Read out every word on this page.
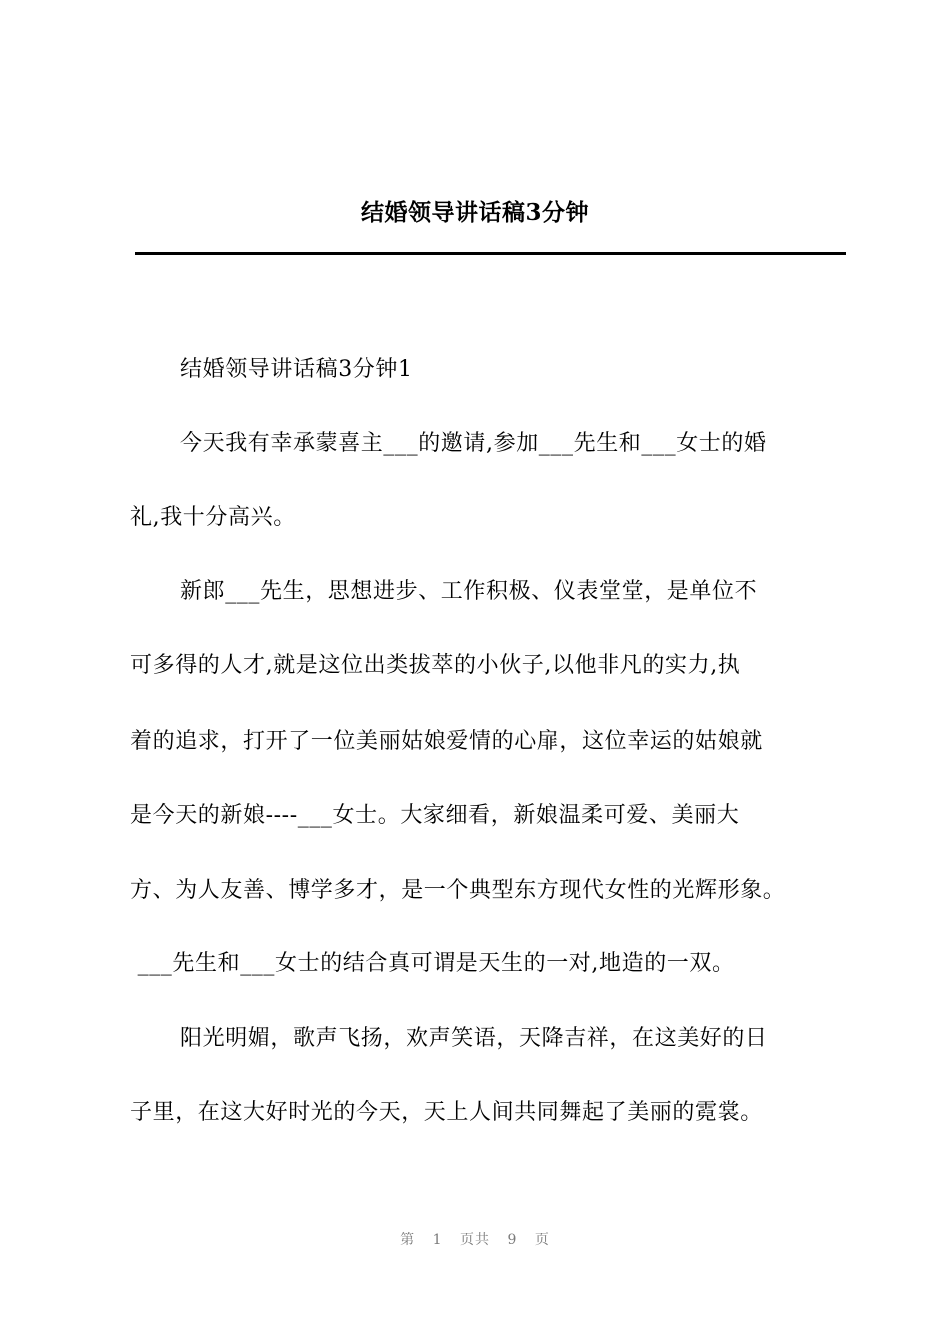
结婚领导讲话稿3分钟
结婚领导讲话稿3分钟1
今天我有幸承蒙喜主___的邀请,参加___先生和___女士的婚
礼,我十分高兴。
新郎___先生，思想进步、工作积极、仪表堂堂，是单位不
可多得的人才,就是这位出类拔萃的小伙子,以他非凡的实力,执
着的追求，打开了一位美丽姑娘爱情的心扉，这位幸运的姑娘就
是今天的新娘----___女士。大家细看，新娘温柔可爱、美丽大
方、为人友善、博学多才，是一个典型东方现代女性的光辉形象。
___先生和___女士的结合真可谓是天生的一对,地造的一双。
阳光明媚，歌声飞扬，欢声笑语，天降吉祥，在这美好的日
子里，在这大好时光的今天，天上人间共同舞起了美丽的霓裳。
第 1 页共 9 页
